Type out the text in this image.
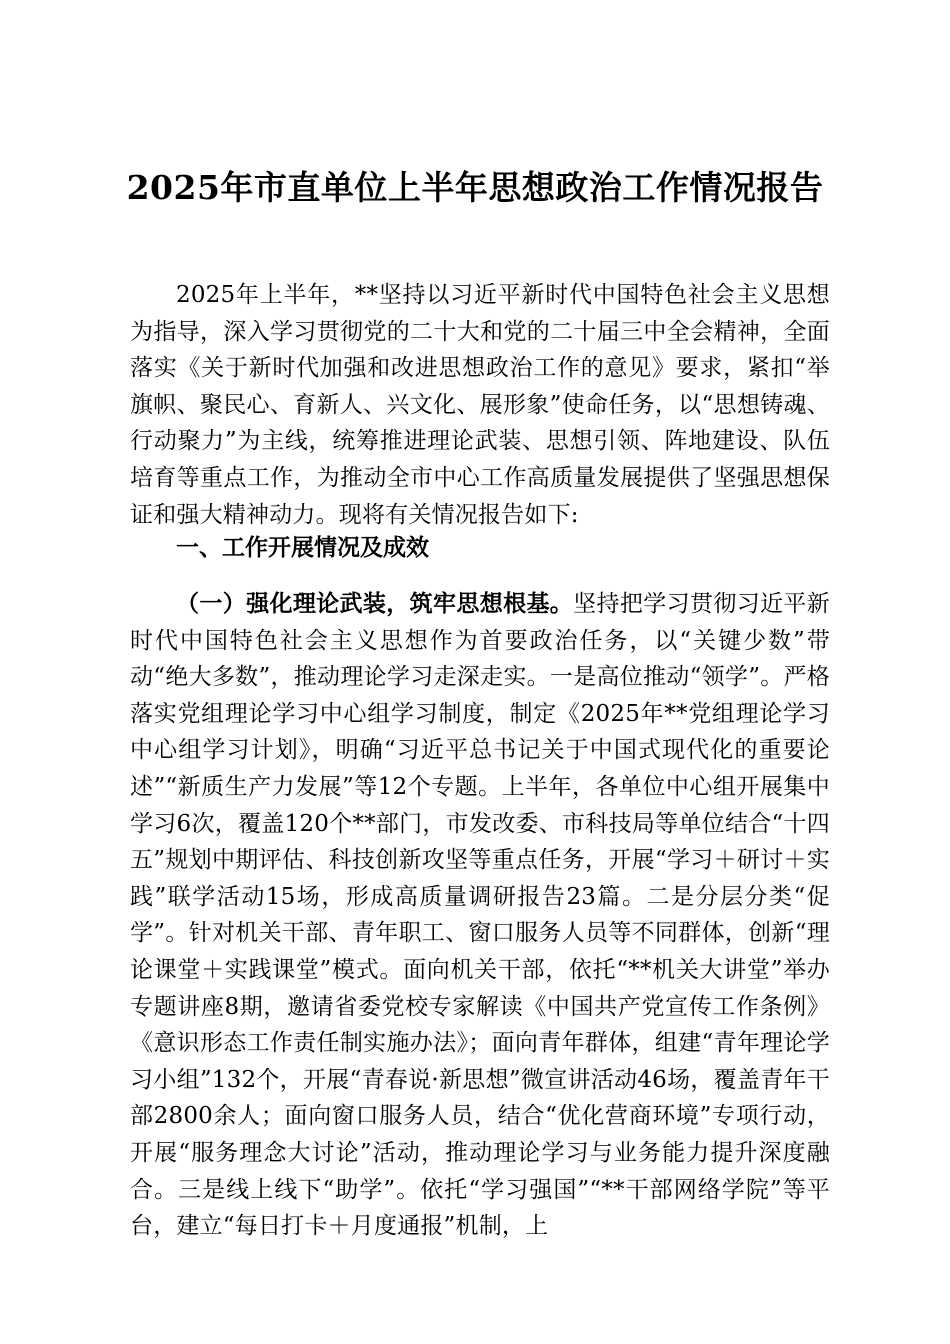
2025年市直单位上半年思想政治工作情况报告
2025年上半年，**坚持以习近平新时代中国特色社会主义思想为指导，深入学习贯彻党的二十大和党的二十届三中全会精神，全面落实《关于新时代加强和改进思想政治工作的意见》要求，紧扣“举旗帜、聚民心、育新人、兴文化、展形象”使命任务，以“思想铸魂、行动聚力”为主线，统筹推进理论武装、思想引领、阵地建设、队伍培育等重点工作，为推动全市中心工作高质量发展提供了坚强思想保证和强大精神动力。现将有关情况报告如下:
一、工作开展情况及成效
（一）强化理论武装，筑牢思想根基。坚持把学习贯彻习近平新时代中国特色社会主义思想作为首要政治任务，以“关键少数”带动“绝大多数”，推动理论学习走深走实。一是高位推动“领学”。严格落实党组理论学习中心组学习制度，制定《2025年**党组理论学习中心组学习计划》，明确“习近平总书记关于中国式现代化的重要论述”“新质生产力发展”等12个专题。上半年，各单位中心组开展集中学习6次，覆盖120个**部门，市发改委、市科技局等单位结合“十四五”规划中期评估、科技创新攻坚等重点任务，开展“学习＋研讨＋实践”联学活动15场，形成高质量调研报告23篇。二是分层分类“促学”。针对机关干部、青年职工、窗口服务人员等不同群体，创新“理论课堂＋实践课堂”模式。面向机关干部，依托“**机关大讲堂”举办专题讲座8期，邀请省委党校专家解读《中国共产党宣传工作条例》《意识形态工作责任制实施办法》；面向青年群体，组建“青年理论学习小组”132个，开展“青春说·新思想”微宣讲活动46场，覆盖青年干部2800余人；面向窗口服务人员，结合“优化营商环境”专项行动，开展“服务理念大讨论”活动，推动理论学习与业务能力提升深度融合。三是线上线下“助学”。依托“学习强国”“**干部网络学院”等平台，建立“每日打卡＋月度通报”机制，上
